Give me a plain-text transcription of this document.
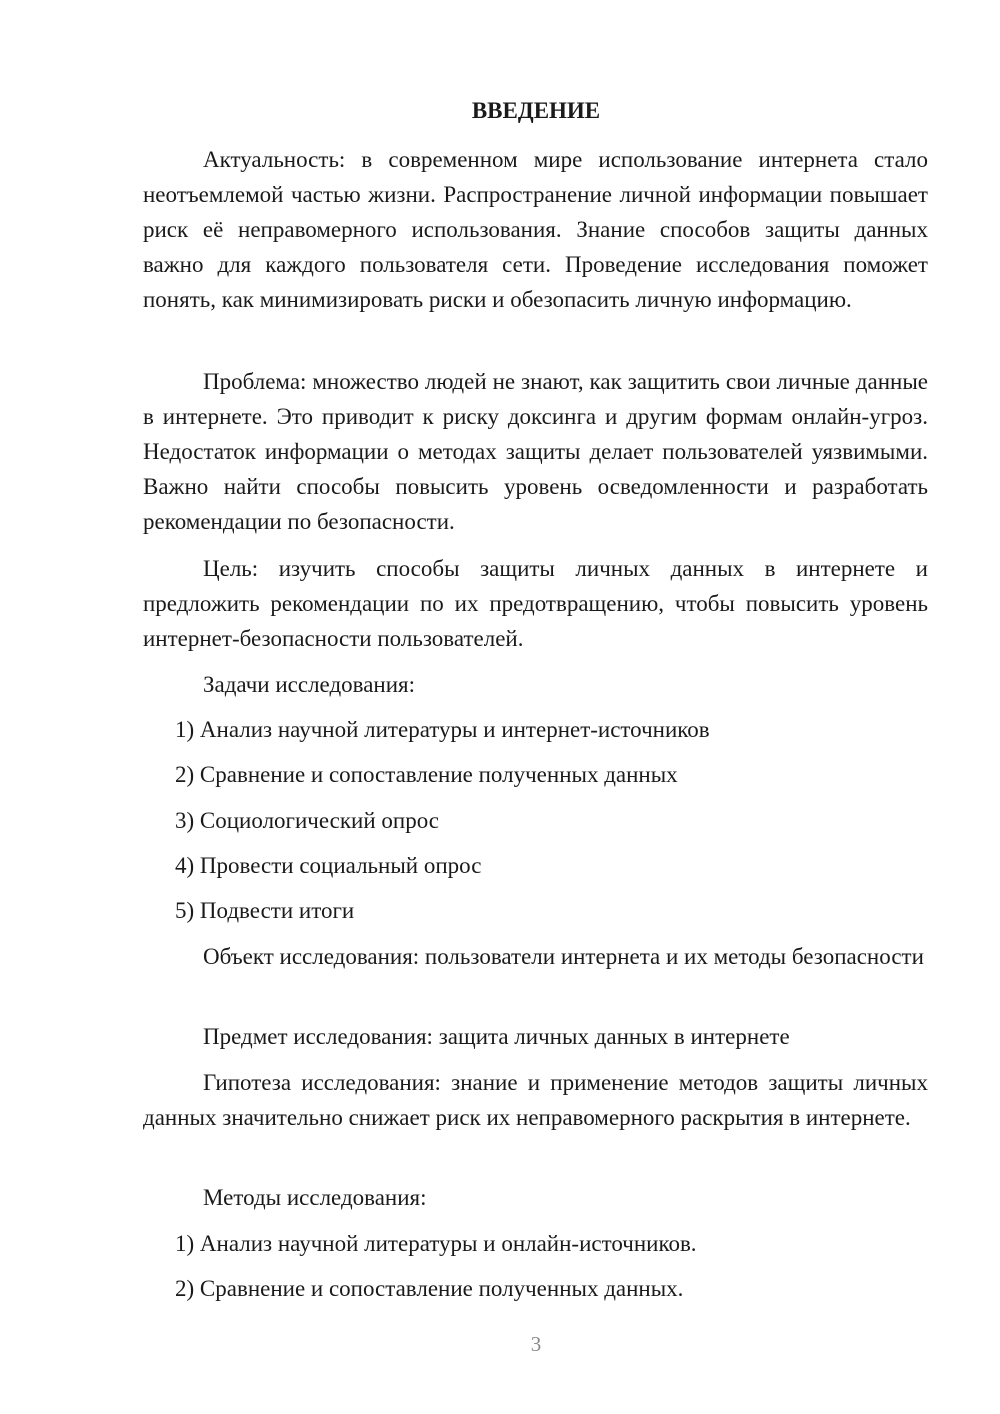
ВВЕДЕНИЕ

Актуальность: в современном мире использование интернета стало неотъемлемой частью жизни. Распространение личной информации повышает риск её неправомерного использования. Знание способов защиты данных важно для каждого пользователя сети. Проведение исследования поможет понять, как минимизировать риски и обезопасить личную информацию.

Проблема: множество людей не знают, как защитить свои личные данные в интернете. Это приводит к риску доксинга и другим формам онлайн-угроз. Недостаток информации о методах защиты делает пользователей уязвимыми. Важно найти способы повысить уровень осведомленности и разработать рекомендации по безопасности.

Цель: изучить способы защиты личных данных в интернете и предложить рекомендации по их предотвращению, чтобы повысить уровень интернет-безопасности пользователей.

Задачи исследования:

1) Анализ научной литературы и интернет-источников

2) Сравнение и сопоставление полученных данных

3) Социологический опрос

4) Провести социальный опрос

5) Подвести итоги

Объект исследования: пользователи интернета и их методы безопасности

Предмет исследования: защита личных данных в интернете

Гипотеза исследования: знание и применение методов защиты личных данных значительно снижает риск их неправомерного раскрытия в интернете.

Методы исследования:

1) Анализ научной литературы и онлайн-источников.

2) Сравнение и сопоставление полученных данных.

3
